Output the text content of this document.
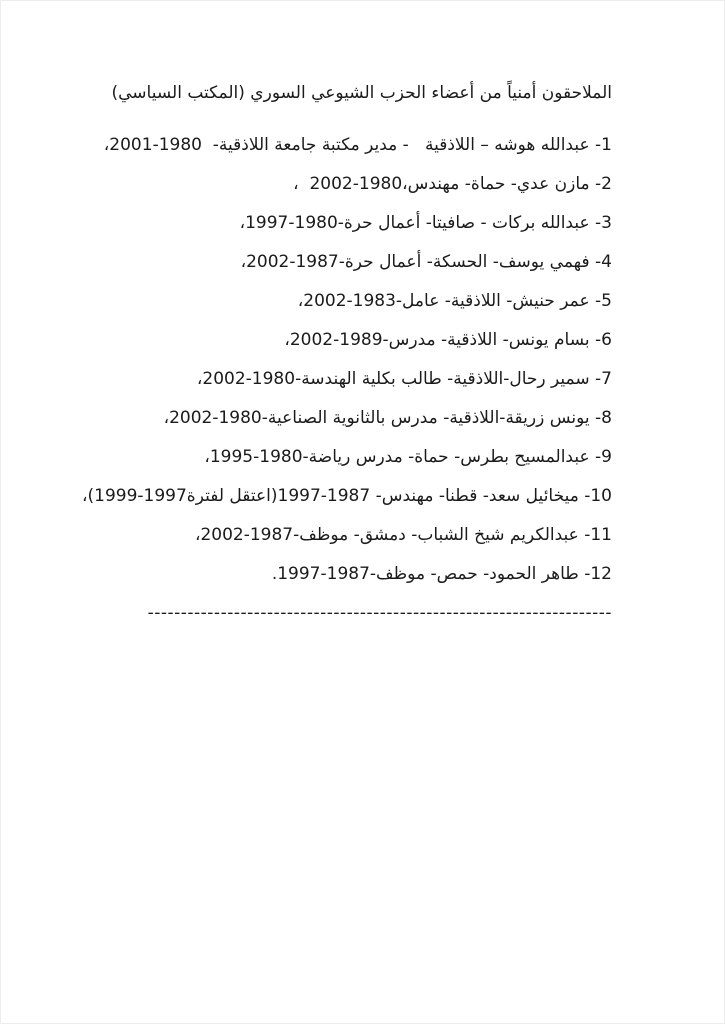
الملاحقون أمنياً من أعضاء الحزب الشيوعي السوري (المكتب السياسي)
1- عبدالله هوشه – اللاذقية   - مدير مكتبة جامعة اللاذقية-  1980‏-‏2001،
2- مازن عدي- حماة- مهندس،1980‏-‏2002  ،
3- عبدالله بركات - صافيتا- أعمال حرة-1980‏-‏1997،
4- فهمي يوسف- الحسكة- أعمال حرة-1987‏-‏2002،
5- عمر حنيش- اللاذقية- عامل-1983‏-‏2002،
6- بسام يونس- اللاذقية- مدرس-1989‏-‏2002،
7- سمير رحال-اللاذقية- طالب بكلية الهندسة-1980‏-‏2002،
8- يونس زريقة-اللاذقية- مدرس بالثانوية الصناعية-1980‏-‏2002،
9- عبدالمسيح بطرس- حماة- مدرس رياضة-1980‏-‏1995،
10- ميخائيل سعد- قطنا- مهندس- 1987‏-‏1997(اعتقل لفترة1997‏-‏1999)،
11- عبدالكريم شيخ الشباب- دمشق- موظف-1987‏-‏2002،
12- طاهر الحمود- حمص- موظف-1987‏-‏1997.
----------------------------------------------------------------------
